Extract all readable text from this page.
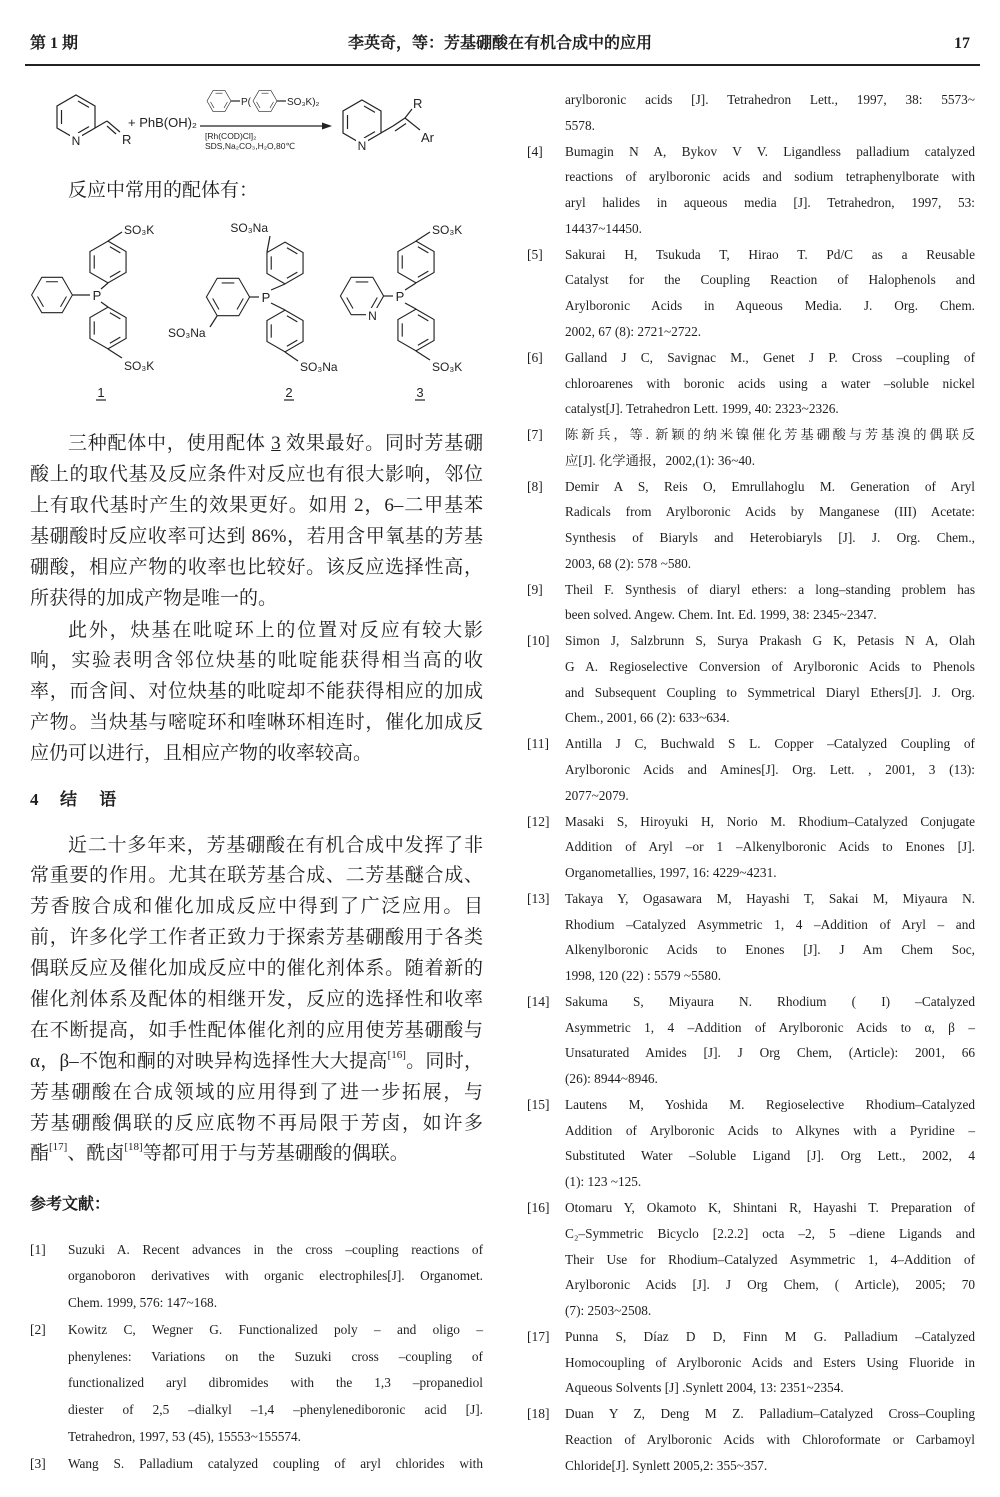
第 1 期	李英奇，等：芳基硼酸在有机合成中的应用	17
N	R
+ PhB(OH)₂
P(	SO₃K)₂
[Rh(COD)Cl]₂
SDS,Na₂CO₃,H₂O,80℃	N
R
Ar
反应中常用的配体有：
P
SO₃K
SO₃K
1
P
SO₃Na
SO₃Na
SO₃Na
2
N
P
SO₃K
SO₃K
3
三种配体中，使用配体 3 效果最好。同时芳基硼
酸上的取代基及反应条件对反应也有很大影响，邻位
上有取代基时产生的效果更好。如用 2，6–二甲基苯
基硼酸时反应收率可达到 86%，若用含甲氧基的芳基
硼酸，相应产物的收率也比较好。该反应选择性高，
所获得的加成产物是唯一的。
此外，炔基在吡啶环上的位置对反应有较大影
响，实验表明含邻位炔基的吡啶能获得相当高的收
率，而含间、对位炔基的吡啶却不能获得相应的加成
产物。当炔基与嘧啶环和喹啉环相连时，催化加成反
应仍可以进行，且相应产物的收率较高。
4 结 语
近二十多年来，芳基硼酸在有机合成中发挥了非
常重要的作用。尤其在联芳基合成、二芳基醚合成、
芳香胺合成和催化加成反应中得到了广泛应用。目
前，许多化学工作者正致力于探索芳基硼酸用于各类
偶联反应及催化加成反应中的催化剂体系。随着新的
催化剂体系及配体的相继开发，反应的选择性和收率
在不断提高，如手性配体催化剂的应用使芳基硼酸与
α，β–不饱和酮的对映异构选择性大大提高[16]。同时，
芳基硼酸在合成领域的应用得到了进一步拓展，与
芳基硼酸偶联的反应底物不再局限于芳卤，如许多
酯[17]、酰卤[18]等都可用于与芳基硼酸的偶联。
参考文献：
[1] Suzuki A. Recent advances in the cross –coupling reactions of
organoboron derivatives with organic electrophiles[J]. Organomet.
Chem. 1999, 576: 147~168.
[2] Kowitz C, Wegner G. Functionalized poly – and oligo –
phenylenes: Variations on the Suzuki cross –coupling of
functionalized aryl dibromides with the 1,3 –propanediol
diester of 2,5 –dialkyl –1,4 –phenylenediboronic acid [J].
Tetrahedron, 1997, 53 (45), 15553~155574.
[3] Wang S. Palladium catalyzed coupling of aryl chlorides with
arylboronic acids [J]. Tetrahedron Lett., 1997, 38: 5573~
5578.
[4] Bumagin N A, Bykov V V. Ligandless palladium catalyzed
reactions of arylboronic acids and sodium tetraphenylborate with
aryl halides in aqueous media [J]. Tetrahedron, 1997, 53:
14437~14450.
[5] Sakurai H, Tsukuda T, Hirao T. Pd/C as a Reusable
Catalyst for the Coupling Reaction of Halophenols and
Arylboronic Acids in Aqueous Media. J. Org. Chem.
2002, 67 (8): 2721~2722.
[6] Galland J C, Savignac M., Genet J P. Cross –coupling of
chloroarenes with boronic acids using a water –soluble nickel
catalyst[J]. Tetrahedron Lett. 1999, 40: 2323~2326.
[7] 陈新兵，等. 新颖的纳米镍催化芳基硼酸与芳基溴的偶联反
应[J]. 化学通报，2002,(1): 36~40.
[8] Demir A S, Reis O, Emrullahoglu M. Generation of Aryl
Radicals from Arylboronic Acids by Manganese (III) Acetate:
Synthesis of Biaryls and Heterobiaryls [J]. J. Org. Chem.,
2003, 68 (2): 578 ~580.
[9] Theil F. Synthesis of diaryl ethers: a long–standing problem has
been solved. Angew. Chem. Int. Ed. 1999, 38: 2345~2347.
[10] Simon J, Salzbrunn S, Surya Prakash G K, Petasis N A, Olah
G A. Regioselective Conversion of Arylboronic Acids to Phenols
and Subsequent Coupling to Symmetrical Diaryl Ethers[J]. J. Org.
Chem., 2001, 66 (2): 633~634.
[11] Antilla J C, Buchwald S L. Copper –Catalyzed Coupling of
Arylboronic Acids and Amines[J]. Org. Lett. , 2001, 3 (13):
2077~2079.
[12] Masaki S, Hiroyuki H, Norio M. Rhodium–Catalyzed Conjugate
Addition of Aryl –or 1 –Alkenylboronic Acids to Enones [J].
Organometallies, 1997, 16: 4229~4231.
[13] Takaya Y, Ogasawara M, Hayashi T, Sakai M, Miyaura N.
Rhodium –Catalyzed Asymmetric 1, 4 –Addition of Aryl – and
Alkenylboronic Acids to Enones [J]. J Am Chem Soc,
1998, 120 (22) : 5579 ~5580.
[14] Sakuma S, Miyaura N. Rhodium ( I) –Catalyzed
Asymmetric 1, 4 –Addition of Arylboronic Acids to α, β –
Unsaturated Amides [J]. J Org Chem, (Article): 2001, 66
(26): 8944~8946.
[15] Lautens M, Yoshida M. Regioselective Rhodium–Catalyzed
Addition of Arylboronic Acids to Alkynes with a Pyridine –
Substituted Water –Soluble Ligand [J]. Org Lett., 2002, 4
(1): 123 ~125.
[16] Otomaru Y, Okamoto K, Shintani R, Hayashi T. Preparation of
C₂–Symmetric Bicyclo [2.2.2] octa –2, 5 –diene Ligands and
Their Use for Rhodium–Catalyzed Asymmetric 1, 4–Addition of
Arylboronic Acids [J]. J Org Chem, ( Article), 2005; 70
(7): 2503~2508.
[17] Punna S, Díaz D D, Finn M G. Palladium –Catalyzed
Homocoupling of Arylboronic Acids and Esters Using Fluoride in
Aqueous Solvents [J] .Synlett 2004, 13: 2351~2354.
[18] Duan Y Z, Deng M Z. Palladium–Catalyzed Cross–Coupling
Reaction of Arylboronic Acids with Chloroformate or Carbamoyl
Chloride[J]. Synlett 2005,2: 355~357.
